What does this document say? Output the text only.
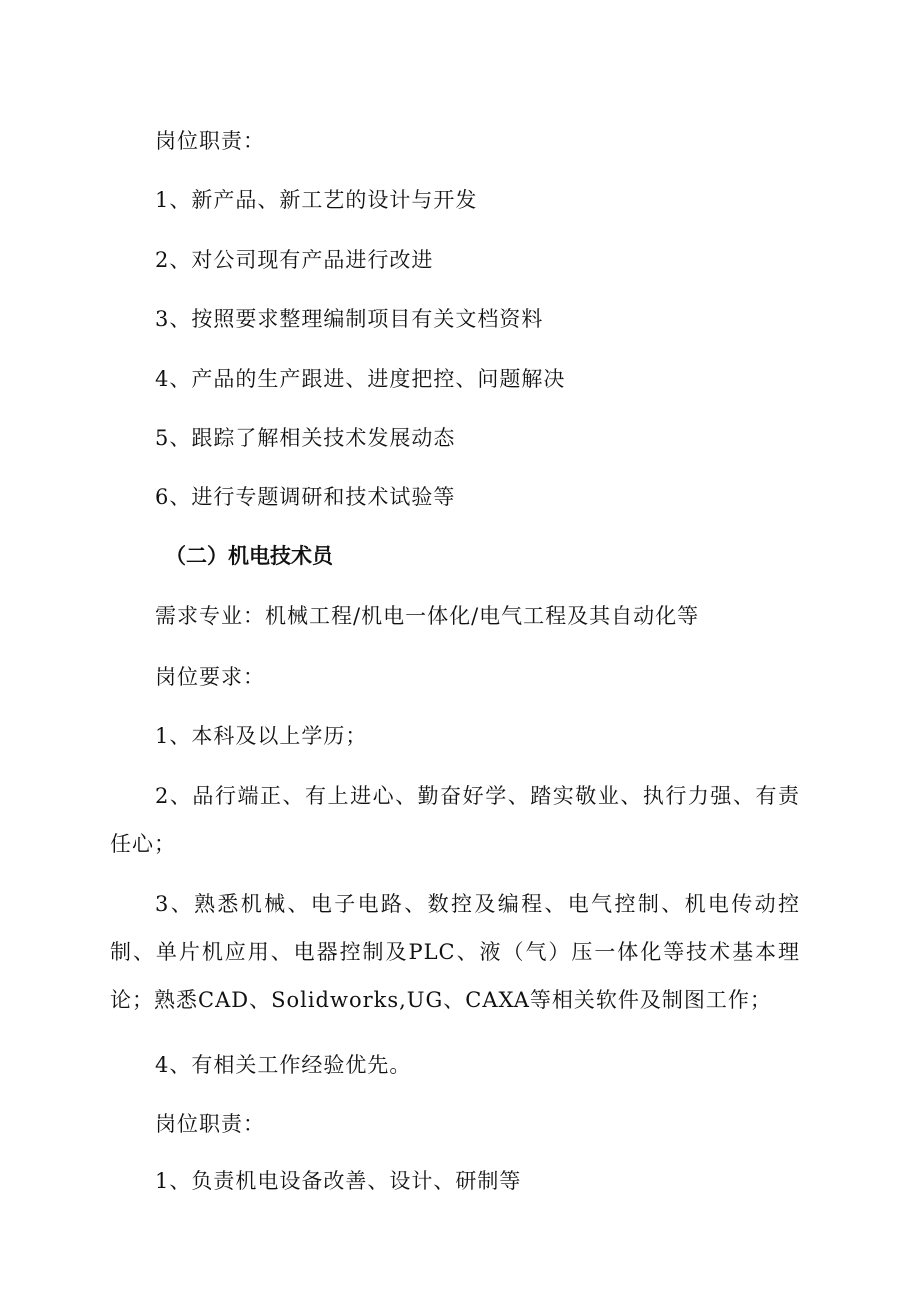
岗位职责：
1、新产品、新工艺的设计与开发
2、对公司现有产品进行改进
3、按照要求整理编制项目有关文档资料
4、产品的生产跟进、进度把控、问题解决
5、跟踪了解相关技术发展动态
6、进行专题调研和技术试验等
（二）机电技术员
需求专业：机械工程/机电一体化/电气工程及其自动化等
岗位要求：
1、本科及以上学历；
2、品行端正、有上进心、勤奋好学、踏实敬业、执行力强、有责任心；
3、熟悉机械、电子电路、数控及编程、电气控制、机电传动控制、单片机应用、电器控制及PLC、液（气）压一体化等技术基本理论；熟悉CAD、Solidworks,UG、CAXA等相关软件及制图工作；
4、有相关工作经验优先。
岗位职责：
1、负责机电设备改善、设计、研制等
